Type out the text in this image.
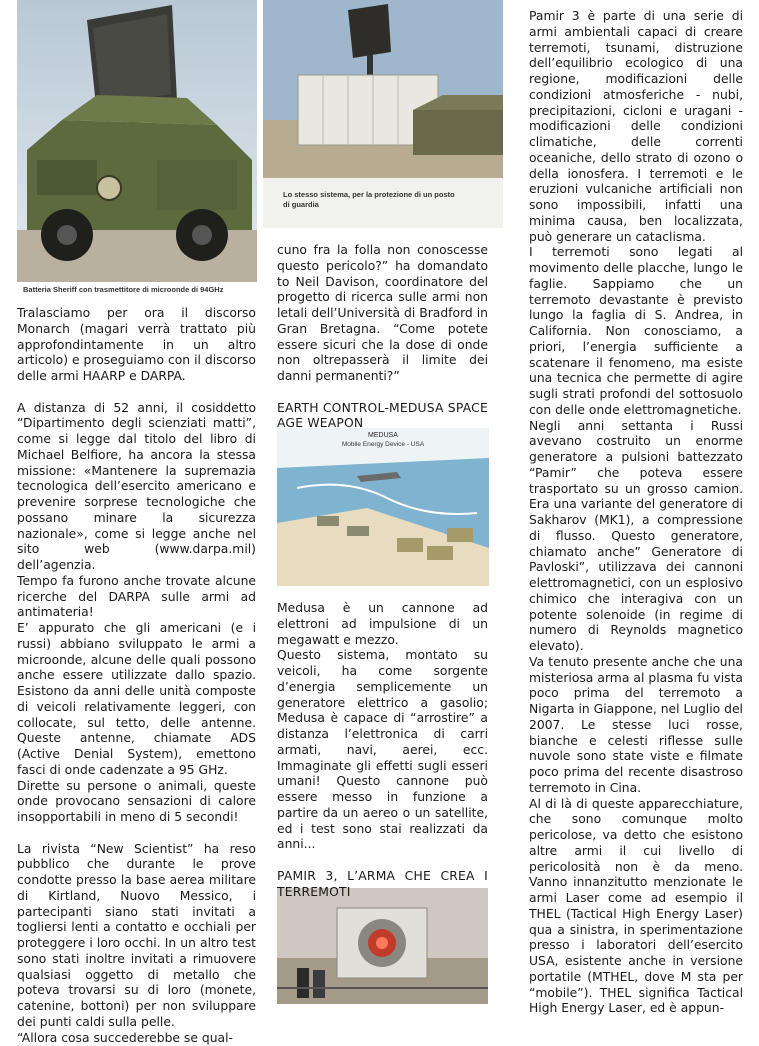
Batteria Sheriff con trasmettitore di microonde di 94GHz
Lo stesso sistema, per la protezione di un posto
di guardia
MEDUSA
Mobile Energy Device - USA

Tralasciamo per ora il discorso Monarch (magari verrà trattato più approfondintamente in un altro articolo) e proseguiamo con il discorso delle armi HAARP e DARPA.

A distanza di 52 anni, il cosiddetto “Dipartimento degli scienziati matti”, come si legge dal titolo del libro di Michael Belfiore, ha ancora la stessa missione: «Mantenere la supremazia tecnologica dell’esercito americano e prevenire sorprese tecnologiche che possano minare la sicurezza nazionale», come si legge anche nel sito web (www.darpa.mil) dell’agenzia.

Tempo fa furono anche trovate alcune ricerche del DARPA sulle armi ad antimateria!

E’ appurato che gli americani (e i russi) abbiano sviluppato le armi a microonde, alcune delle quali possono anche essere utilizzate dallo spazio. Esistono da anni delle unità composte di veicoli relativamente leggeri, con collocate, sul tetto, delle antenne. Queste antenne, chiamate ADS (Active Denial System), emettono fasci di onde cadenzate a 95 GHz.

Dirette su persone o animali, queste onde provocano sensazioni di calore insopportabili in meno di 5 secondi!

La rivista “New Scientist” ha reso pubblico che durante le prove condotte presso la base aerea militare di Kirtland, Nuovo Messico, i partecipanti siano stati invitati a togliersi lenti a contatto e occhiali per proteggere i loro occhi. In un altro test sono stati inoltre invitati a rimuovere qualsiasi oggetto di metallo che poteva trovarsi su di loro (monete, catenine, bottoni) per non sviluppare dei punti caldi sulla pelle.

“Allora cosa succederebbe se qual-

cuno fra la folla non conoscesse questo pericolo?” ha domandato to Neil Davison, coordinatore del progetto di ricerca sulle armi non letali dell’Università di Bradford in Gran Bretagna. “Come potete essere sicuri che la dose di onde non oltrepasserà il limite dei danni permanenti?”

EARTH CONTROL-MEDUSA SPACE
AGE WEAPON

Medusa è un cannone ad elettroni ad impulsione di un megawatt e mezzo.

Questo sistema, montato su veicoli, ha come sorgente d’energia semplicemente un generatore elettrico a gasolio; Medusa è capace di “arrostire” a distanza l’elettronica di carri armati, navi, aerei, ecc. Immaginate gli effetti sugli esseri umani! Questo cannone può essere messo in funzione a partire da un aereo o un satellite, ed i test sono stai realizzati da anni...

PAMIR 3, L’ARMA CHE CREA I TERREMOTI

Pamir 3 è parte di una serie di armi ambientali capaci di creare terremoti, tsunami, distruzione dell’equilibrio ecologico di una regione, modificazioni delle condizioni atmosferiche - nubi, precipitazioni, cicloni e uragani - modificazioni delle condizioni climatiche, delle correnti oceaniche, dello strato di ozono o della ionosfera. I terremoti e le eruzioni vulcaniche artificiali non sono impossibili, infatti una minima causa, ben localizzata, può generare un cataclisma.

I terremoti sono legati al movimento delle placche, lungo le faglie. Sappiamo che un terremoto devastante è previsto lungo la faglia di S. Andrea, in California. Non conosciamo, a priori, l’energia sufficiente a scatenare il fenomeno, ma esiste una tecnica che permette di agire sugli strati profondi del sottosuolo con delle onde elettromagnetiche.

Negli anni settanta i Russi avevano costruito un enorme generatore a pulsioni battezzato “Pamir” che poteva essere trasportato su un grosso camion. Era una variante del generatore di Sakharov (MK1), a compressione di flusso. Questo generatore, chiamato anche” Generatore di Pavloski”, utilizzava dei cannoni elettromagnetici, con un esplosivo chimico che interagiva con un potente solenoide (in regime di numero di Reynolds magnetico elevato).

Va tenuto presente anche che una misteriosa arma al plasma fu vista poco prima del terremoto a Nigarta in Giappone, nel Luglio del 2007. Le stesse luci rosse, bianche e celesti riflesse sulle nuvole sono state viste e filmate poco prima del recente disastroso terremoto in Cina.

Al di là di queste apparecchiature, che sono comunque molto pericolose, va detto che esistono altre armi il cui livello di pericolosità non è da meno. Vanno innanzitutto menzionate le armi Laser come ad esempio il THEL (Tactical High Energy Laser) qua a sinistra, in sperimentazione presso i laboratori dell’esercito USA, esistente anche in versione portatile (MTHEL, dove M sta per “mobile”). THEL significa Tactical High Energy Laser, ed è appun-
